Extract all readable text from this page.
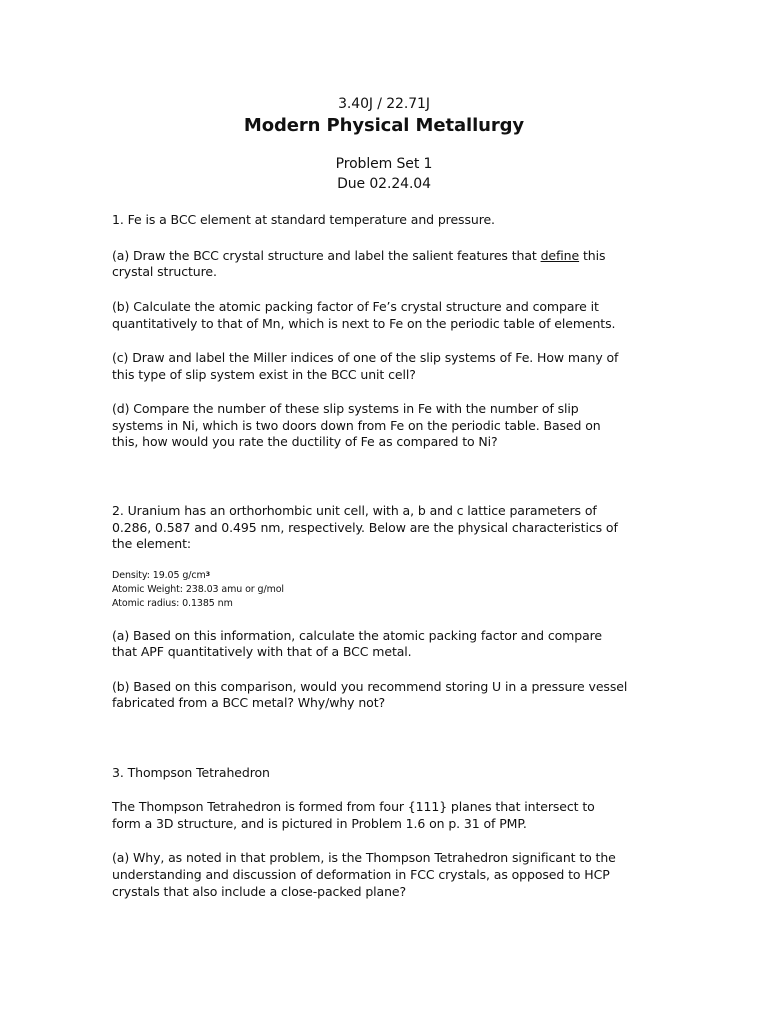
3.40J / 22.71J
Modern Physical Metallurgy
Problem Set 1
Due 02.24.04
1. Fe is a BCC element at standard temperature and pressure.
(a) Draw the BCC crystal structure and label the salient features that define this
crystal structure.
(b) Calculate the atomic packing factor of Fe’s crystal structure and compare it
quantitatively to that of Mn, which is next to Fe on the periodic table of elements.
(c) Draw and label the Miller indices of one of the slip systems of Fe. How many of
this type of slip system exist in the BCC unit cell?
(d) Compare the number of these slip systems in Fe with the number of slip
systems in Ni, which is two doors down from Fe on the periodic table. Based on
this, how would you rate the ductility of Fe as compared to Ni?
2. Uranium has an orthorhombic unit cell, with a, b and c lattice parameters of
0.286, 0.587 and 0.495 nm, respectively. Below are the physical characteristics of
the element:
Density: 19.05 $g/cm^3$
Atomic Weight: 238.03 amu or g/mol
Atomic radius: 0.1385 nm
(a) Based on this information, calculate the atomic packing factor and compare
that APF quantitatively with that of a BCC metal.
(b) Based on this comparison, would you recommend storing U in a pressure vessel
fabricated from a BCC metal? Why/why not?
3. Thompson Tetrahedron
The Thompson Tetrahedron is formed from four {111} planes that intersect to
form a 3D structure, and is pictured in Problem 1.6 on p. 31 of PMP.
(a) Why, as noted in that problem, is the Thompson Tetrahedron significant to the
understanding and discussion of deformation in FCC crystals, as opposed to HCP
crystals that also include a close-packed plane?
